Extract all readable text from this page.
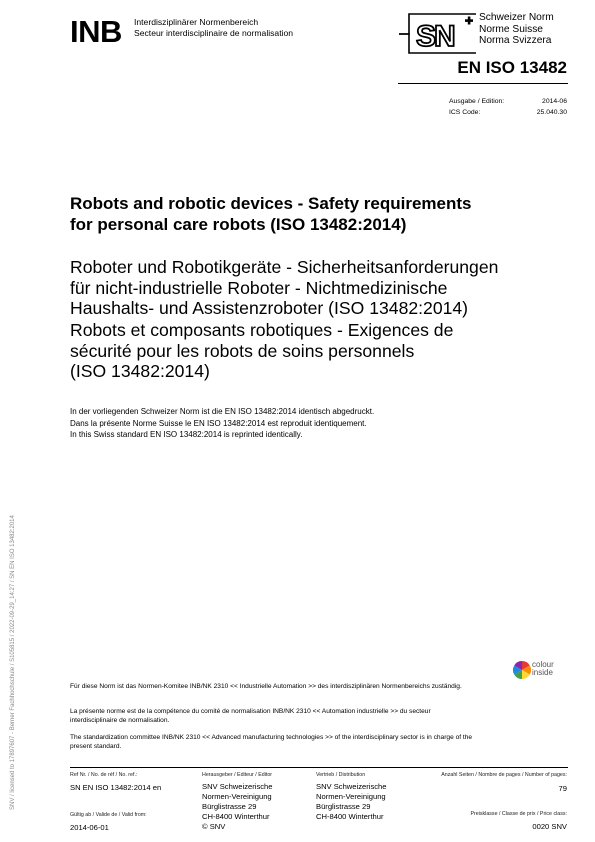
INB Interdisziplinärer Normenbereich
Secteur interdisciplinaire de normalisation	SN
Schweizer Norm
Norme Suisse
Norma Svizzera
EN ISO 13482
Ausgabe / Edition:	2014-06
ICS Code:	25.040.30
Robots and robotic devices - Safety requirements
for personal care robots (ISO 13482:2014)
Roboter und Robotikgeräte - Sicherheitsanforderungen
für nicht-industrielle Roboter - Nichtmedizinische
Haushalts- und Assistenzroboter (ISO 13482:2014)
Robots et composants robotiques - Exigences de
sécurité pour les robots de soins personnels
(ISO 13482:2014)
In der vorliegenden Schweizer Norm ist die EN ISO 13482:2014 identisch abgedruckt.
Dans la présente Norme Suisse le EN ISO 13482:2014 est reproduit identiquement.
In this Swiss standard EN ISO 13482:2014 is reprinted identically.
SNV / licensed to 17897607 - Berner Fachhochschule / S105815 / 2022-09-29_14:27 / SN EN ISO 13482:2014	colour
inside
Für diese Norm ist das Normen-Komitee INB/NK 2310 << Industrielle Automation >> des interdisziplinären Normenbereichs zuständig.
La présente norme est de la compétence du comité de normalisation INB/NK 2310 << Automation industrielle >> du secteur
interdisciplinaire de normalisation.
The standardization committee INB/NK 2310 << Advanced manufacturing technologies >> of the interdisciplinary sector is in charge of the
present standard.
Ref Nr. / No. de réf / No. ref.:
SN EN ISO 13482:2014 en
Gültig ab / Valide de / Valid from:
2014-06-01
Herausgeber / Editeur / Editor
SNV Schweizerische
Normen-Vereinigung
Bürglistrasse 29
CH-8400 Winterthur
© SNV
Vertrieb / Distribution
SNV Schweizerische
Normen-Vereinigung
Bürglistrasse 29
CH-8400 Winterthur
Anzahl Seiten / Nombre de pages / Number of pages:
79
Preisklasse / Classe de prix / Price class:
0020 SNV
